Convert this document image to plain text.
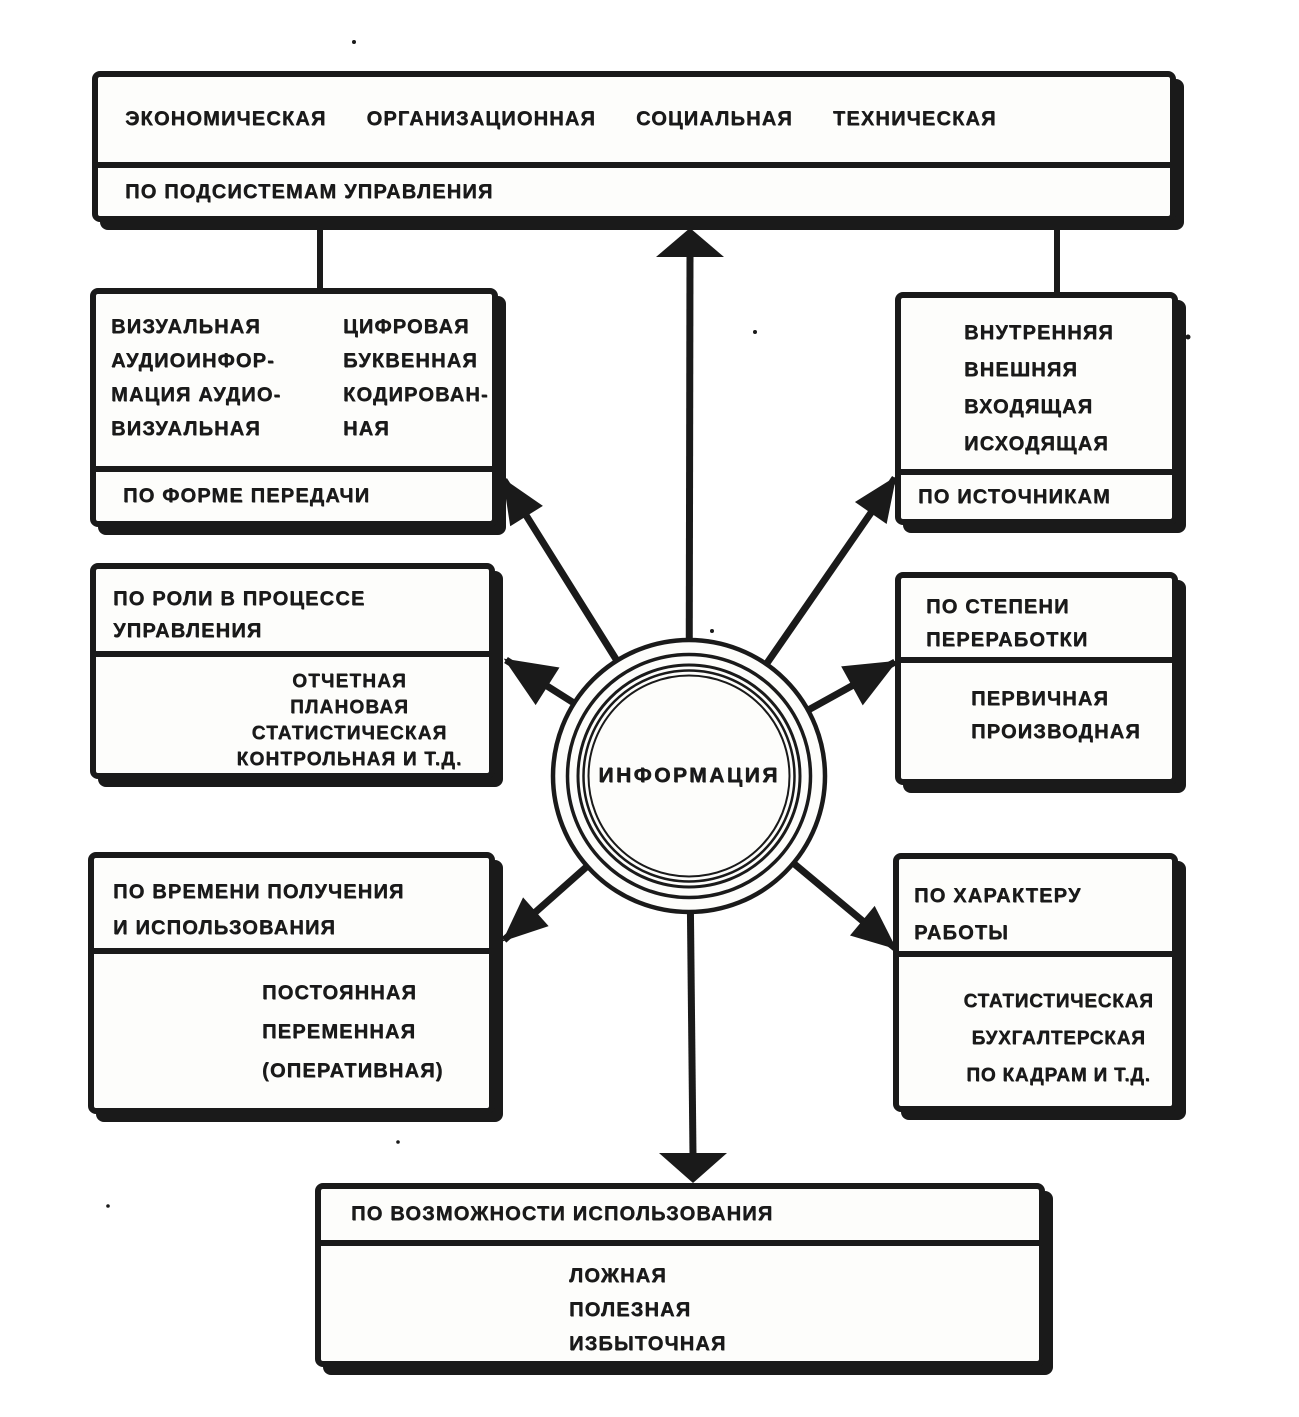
ЭКОНОМИЧЕСКАЯ ОРГАНИЗАЦИОННАЯ СОЦИАЛЬНАЯ ТЕХНИЧЕСКАЯ
ПО ПОДСИСТЕМАМ УПРАВЛЕНИЯ
ВИЗУАЛЬНАЯ
АУДИОИНФОР-
МАЦИЯ АУДИО-
ВИЗУАЛЬНАЯ
ЦИФРОВАЯ
БУКВЕННАЯ
КОДИРОВАН-
НАЯ
ПО ФОРМЕ ПЕРЕДАЧИ
ВНУТРЕННЯЯ
ВНЕШНЯЯ
ВХОДЯЩАЯ
ИСХОДЯЩАЯ
ПО ИСТОЧНИКАМ
ПО РОЛИ В ПРОЦЕССЕ
УПРАВЛЕНИЯ
ОТЧЕТНАЯ
ПЛАНОВАЯ
СТАТИСТИЧЕСКАЯ
КОНТРОЛЬНАЯ И Т.Д.
ПО СТЕПЕНИ
ПЕРЕРАБОТКИ
ПЕРВИЧНАЯ
ПРОИЗВОДНАЯ
ПО ВРЕМЕНИ ПОЛУЧЕНИЯ
И ИСПОЛЬЗОВАНИЯ
ПОСТОЯННАЯ
ПЕРЕМЕННАЯ
(ОПЕРАТИВНАЯ)
ПО ХАРАКТЕРУ
РАБОТЫ
СТАТИСТИЧЕСКАЯ
БУХГАЛТЕРСКАЯ
ПО КАДРАМ И Т.Д.
ПО ВОЗМОЖНОСТИ ИСПОЛЬЗОВАНИЯ
ЛОЖНАЯ
ПОЛЕЗНАЯ
ИЗБЫТОЧНАЯ
ИНФОРМАЦИЯ
